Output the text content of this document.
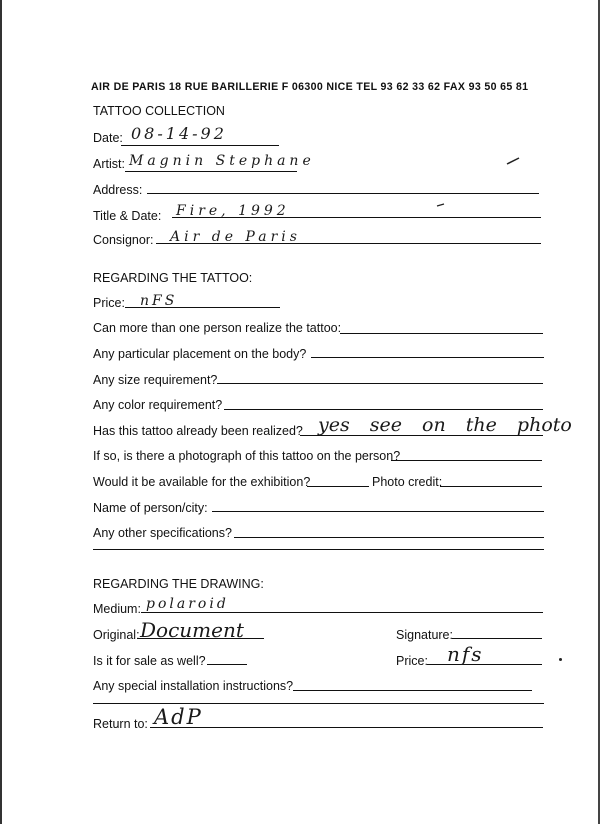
AIR DE PARIS 18 RUE BARILLERIE F 06300 NICE TEL 93 62 33 62 FAX 93 50 65 81
TATTOO COLLECTION
Date: 08-14-92
Artist: Magnin Stephane
Address:
Title & Date: Fire, 1992
Consignor: Air de Paris
REGARDING THE TATTOO:
Price: nFS
Can more than one person realize the tattoo:
Any particular placement on the body?
Any size requirement?
Any color requirement?
Has this tattoo already been realized? yes see on the photo
If so, is there a photograph of this tattoo on the person?
Would it be available for the exhibition?	Photo credit:
Name of person/city:
Any other specifications?
REGARDING THE DRAWING:
Medium: polaroid
Original: Document	Signature:
Is it for sale as well?	Price: nfs
Any special installation instructions?
Return to: AdP
